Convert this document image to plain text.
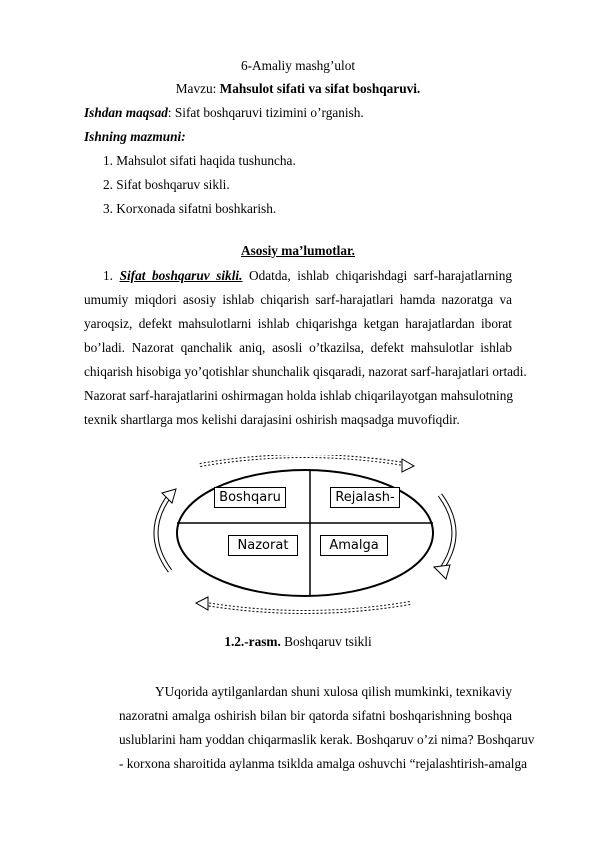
6-Amaliy mashg’ulot
Mavzu: Mahsulot sifati va sifat boshqaruvi.
Ishdan maqsad: Sifat boshqaruvi tizimini o’rganish.
Ishning mazmuni:
1. Mahsulot sifati haqida tushuncha.
2. Sifat boshqaruv sikli.
3. Korxonada sifatni boshkarish.
Asosiy ma’lumotlar.
1. Sifat boshqaruv sikli. Odatda, ishlab chiqarishdagi sarf-harajatlarning
umumiy miqdori asosiy ishlab chiqarish sarf-harajatlari hamda nazoratga va
yaroqsiz, defekt mahsulotlarni ishlab chiqarishga ketgan harajatlardan iborat
bo’ladi. Nazorat qanchalik aniq, asosli o’tkazilsa, defekt mahsulotlar ishlab
chiqarish hisobiga yo’qotishlar shunchalik qisqaradi, nazorat sarf-harajatlari ortadi.
Nazorat sarf-harajatlarini oshirmagan holda ishlab chiqarilayotgan mahsulotning
texnik shartlarga mos kelishi darajasini oshirish maqsadga muvofiqdir.
Boshqaru	Rejalash-
Nazorat	Amalga
1.2.-rasm. Boshqaruv tsikli
YUqorida aytilganlardan shuni xulosa qilish mumkinki, texnikaviy
nazoratni amalga oshirish bilan bir qatorda sifatni boshqarishning boshqa
uslublarini ham yoddan chiqarmaslik kerak. Boshqaruv o’zi nima? Boshqaruv
- korxona sharoitida aylanma tsiklda amalga oshuvchi “rejalashtirish-amalga
